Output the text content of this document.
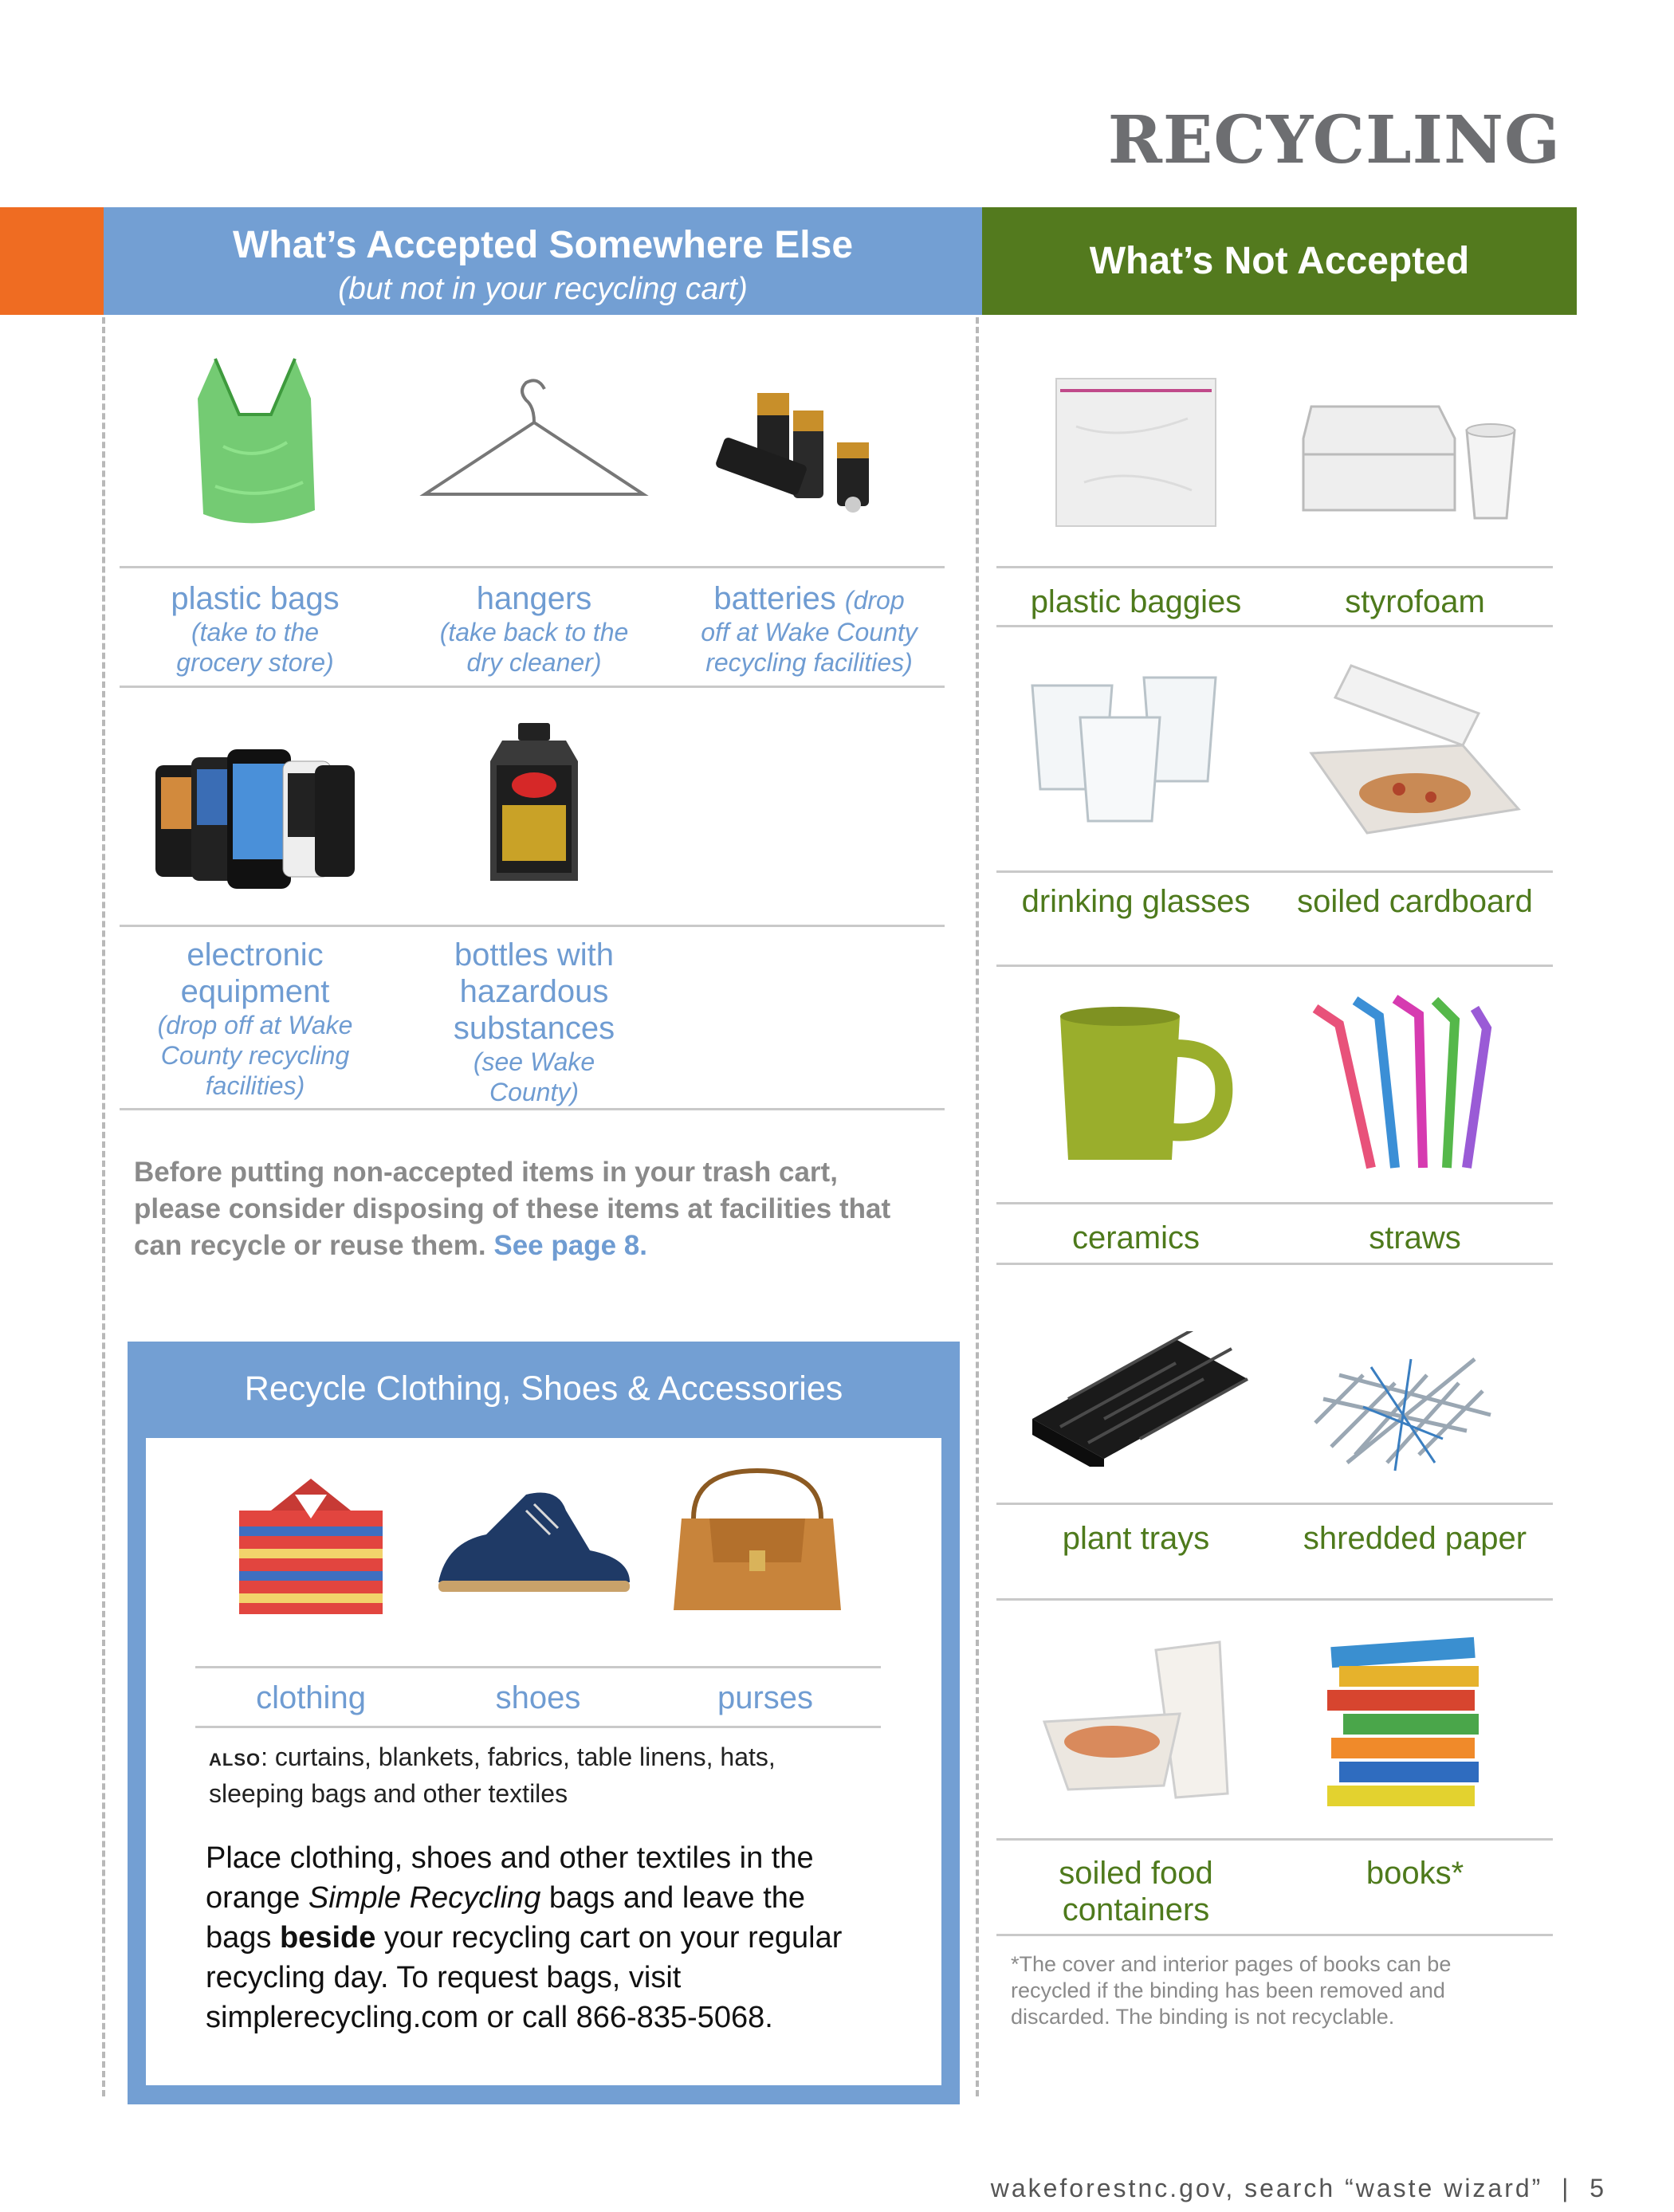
RECYCLING
What’s Accepted Somewhere Else
(but not in your recycling cart)
What’s Not Accepted
plastic bags
(take to the grocery store)
hangers
(take back to the dry cleaner)
batteries (drop
off at Wake County recycling facilities)
electronic equipment
(drop off at Wake County recycling facilities)
bottles with hazardous substances
(see Wake County)
Before putting non-accepted items in your trash cart, please consider disposing of these items at facilities that can recycle or reuse them. See page 8.
Recycle Clothing, Shoes & Accessories
clothing	shoes	purses
ALSO: curtains, blankets, fabrics, table linens, hats, sleeping bags and other textiles
Place clothing, shoes and other textiles in the orange Simple Recycling bags and leave the bags beside your recycling cart on your regular recycling day. To request bags, visit simplerecycling.com or call 866-835-5068.
plastic baggies	styrofoam
drinking glasses	soiled cardboard
ceramics	straws
plant trays	shredded paper
soiled food containers
books*
*The cover and interior pages of books can be recycled if the binding has been removed and discarded. The binding is not recyclable.
wakeforestnc.gov, search “waste wizard” | 5
